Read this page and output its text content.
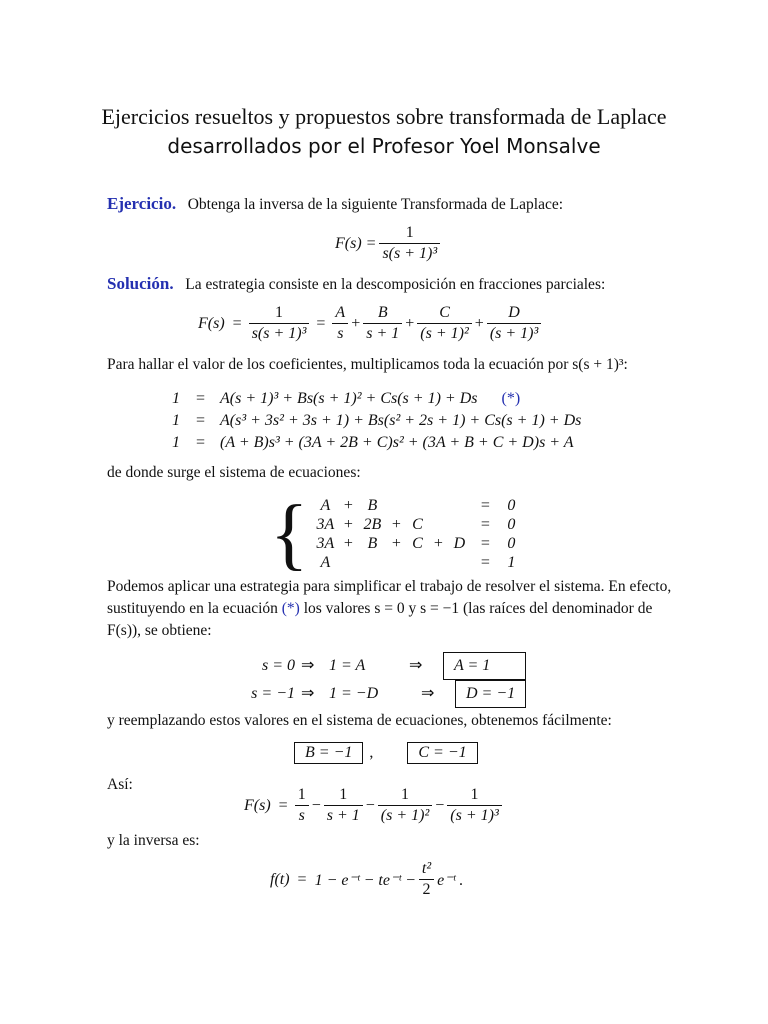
Ejercicios resueltos y propuestos sobre transformada de Laplace
desarrollados por el Profesor Yoel Monsalve
Ejercicio. Obtenga la inversa de la siguiente Transformada de Laplace:
$F(s) = \frac{1}{\text{s(s + 1)³}}$
Solución. La estrategia consiste en la descomposición en fracciones parciales:
F(s)
=
$\frac{1}{\text{s(s + 1)³}}$
=
$\frac{A}{s} + \frac{B}{s + 1} + \frac{C}{\text{(s + 1)²}} + \frac{D}{\text{(s + 1)³}}$
Para hallar el valor de los coeficientes, multiplicamos toda la ecuación por s(s + 1)³:
1	= A(s + 1)³ + Bs(s + 1)² + Cs(s + 1) + Ds (*)
1	= A(s³ + 3s² + 3s + 1) + Bs(s² + 2s + 1) + Cs(s + 1) + Ds
1	= (A + B)s³ + (3A + 2B + C)s² + (3A + B + C + D)s + A
de donde surge el sistema de ecuaciones:
{ A + B	=	0
3A + 2B + C	=	0
3A + B + C + D =	0
A	=	1
Podemos aplicar una estrategia para simplificar el trabajo de resolver el sistema. En efecto,
sustituyendo en la ecuación (*) los valores s = 0 y s = −1 (las raíces del denominador de
F(s)), se obtiene:
s = 0 ⇒ 1 = A	⇒	A = 1
s = −1 ⇒ 1 = −D	⇒	D = −1
y reemplazando estos valores en el sistema de ecuaciones, obtenemos fácilmente:
B = −1	,	C = −1
Así:
F(s)
=
$\frac{1}{s} - \frac{1}{s + 1} - \frac{1}{\text{(s + 1)²}} - \frac{1}{\text{(s + 1)³}}$
y la inversa es:
f(t)
=
1 − e⁻ᵗ − te⁻ᵗ − $\frac{\text{t²}}{2}$ e⁻ᵗ .
